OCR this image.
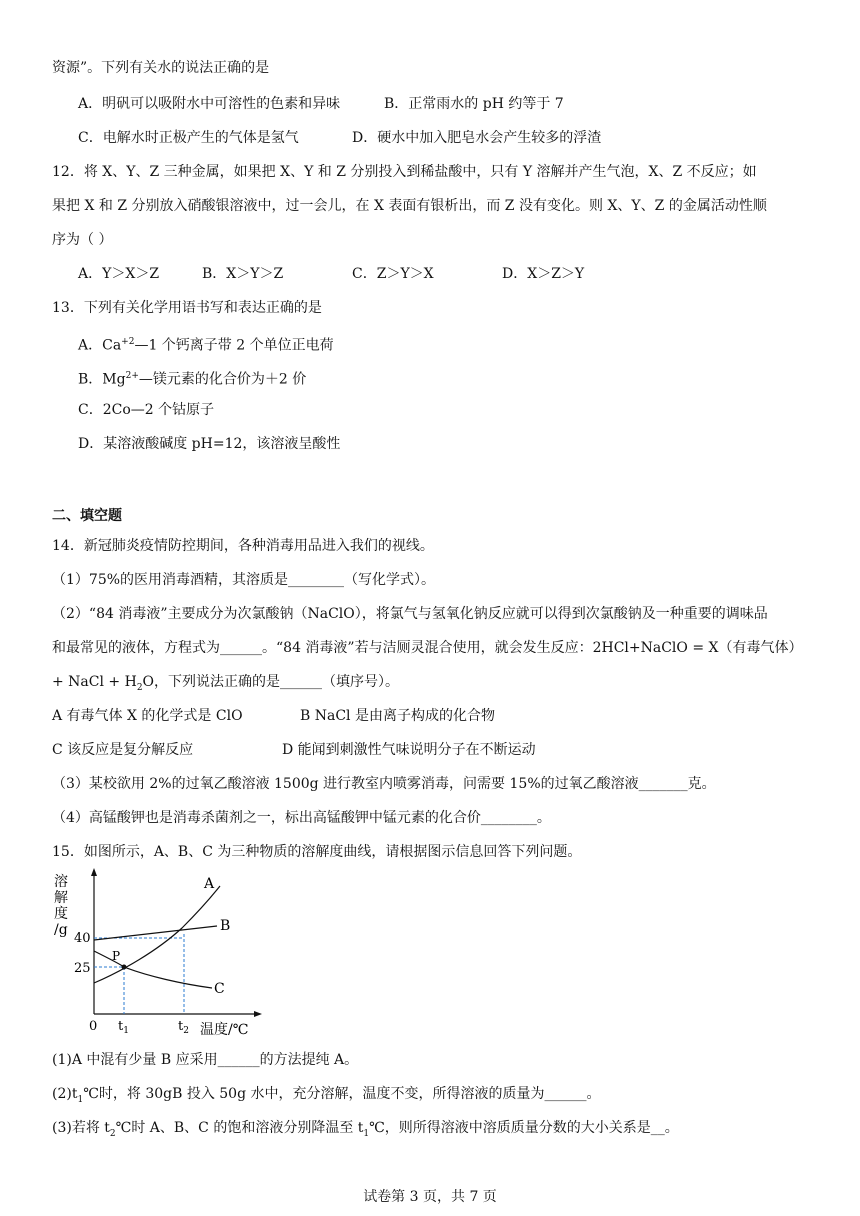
资源”。下列有关水的说法正确的是
A．明矾可以吸附水中可溶性的色素和异味	B．正常雨水的 pH 约等于 7
C．电解水时正极产生的气体是氢气	D．硬水中加入肥皂水会产生较多的浮渣
12．将 X、Y、Z 三种金属，如果把 X、Y 和 Z 分别投入到稀盐酸中，只有 Y 溶解并产生气泡，X、Z 不反应；如
果把 X 和 Z 分别放入硝酸银溶液中，过一会儿，在 X 表面有银析出，而 Z 没有变化。则 X、Y、Z 的金属活动性顺
序为（ ）
A．Y＞X＞Z	B．X＞Y＞Z	C．Z＞Y＞X	D．X＞Z＞Y
13．下列有关化学用语书写和表达正确的是
A．$Ca^{+2}—1$ 个钙离子带 2 个单位正电荷
B．$Mg^{2+}—$镁元素的化合价为＋2 价
C．2Co—2 个钴原子
D．某溶液酸碱度 pH=12，该溶液呈酸性
二、填空题
14．新冠肺炎疫情防控期间，各种消毒用品进入我们的视线。
（1）75%的医用消毒酒精，其溶质是________（写化学式）。
（2）“84 消毒液”主要成分为次氯酸钠（NaClO），将氯气与氢氧化钠反应就可以得到次氯酸钠及一种重要的调味品
和最常见的液体，方程式为______。“84 消毒液”若与洁厕灵混合使用，就会发生反应：2HCl+NaClO = X（有毒气体）
+ NaCl + $H_2O$，下列说法正确的是______（填序号）。
A 有毒气体 X 的化学式是 ClO	B NaCl 是由离子构成的化合物
C 该反应是复分解反应	D 能闻到刺激性气味说明分子在不断运动
（3）某校欲用 2%的过氧乙酸溶液 1500g 进行教室内喷雾消毒，问需要 15%的过氧乙酸溶液_______克。
（4）高锰酸钾也是消毒杀菌剂之一，标出高锰酸钾中锰元素的化合价________。
15．如图所示，A、B、C 为三种物质的溶解度曲线，请根据图示信息回答下列问题。
溶
解
度
/g
40
25
A
B
C
P
0 $t_1$	$t_2$ 温度/℃
(1)A 中混有少量 B 应采用______的方法提纯 A。
$(2)t_1℃$时，将 30gB 投入 50g 水中，充分溶解，温度不变，所得溶液的质量为______。
(3)若将 $t_2℃$时 A、B、C 的饱和溶液分别降温至 $t_1℃$，则所得溶液中溶质质量分数的大小关系是__。
试卷第 3 页，共 7 页
